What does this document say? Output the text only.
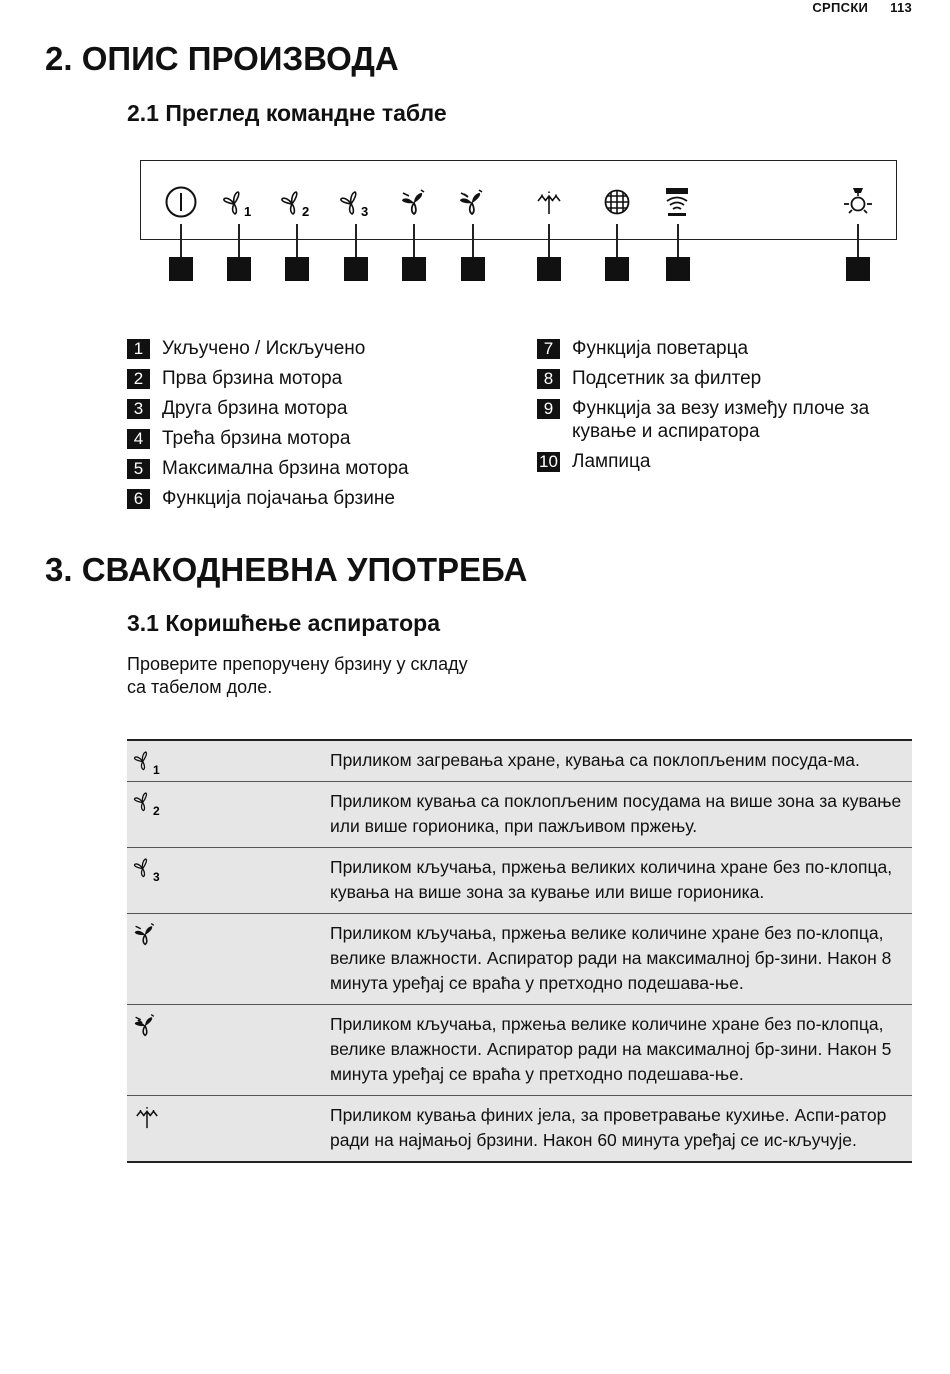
СРПСКИ 113
2. ОПИС ПРОИЗВОДА
2.1 Преглед командне табле
1	2	3
1 Укључено / Искључено
2 Прва брзина мотора
3 Друга брзина мотора
4 Трећа брзина мотора
5 Максимална брзина мотора
6 Функција појачања брзине
7 Функција поветарца
8 Подсетник за филтер
9 Функција за везу између плоче за кување и аспиратора
10 Лампица
3. СВАКОДНЕВНА УПОТРЕБА
3.1 Коришћење аспиратора

Проверите препоручену брзину у складу са табелом доле.

1	Приликом загревања хране, кувања са поклопљеним посуда-ма.
2	Приликом кувања са поклопљеним посудама на више зона за кување или више горионика, при пажљивом пржењу.
3	Приликом кључања, пржења великих количина хране без по-клопца, кувања на више зона за кување или више горионика.
Приликом кључања, пржења велике количине хране без по-клопца, велике влажности. Аспиратор ради на максималној бр-зини. Након 8 минута уређај се враћа у претходно подешава-ње.
Приликом кључања, пржења велике количине хране без по-клопца, велике влажности. Аспиратор ради на максималној бр-зини. Након 5 минута уређај се враћа у претходно подешава-ње.
Приликом кувања финих јела, за проветравање кухиње. Аспи-ратор ради на најмањој брзини. Након 60 минута уређај се ис-кључује.
